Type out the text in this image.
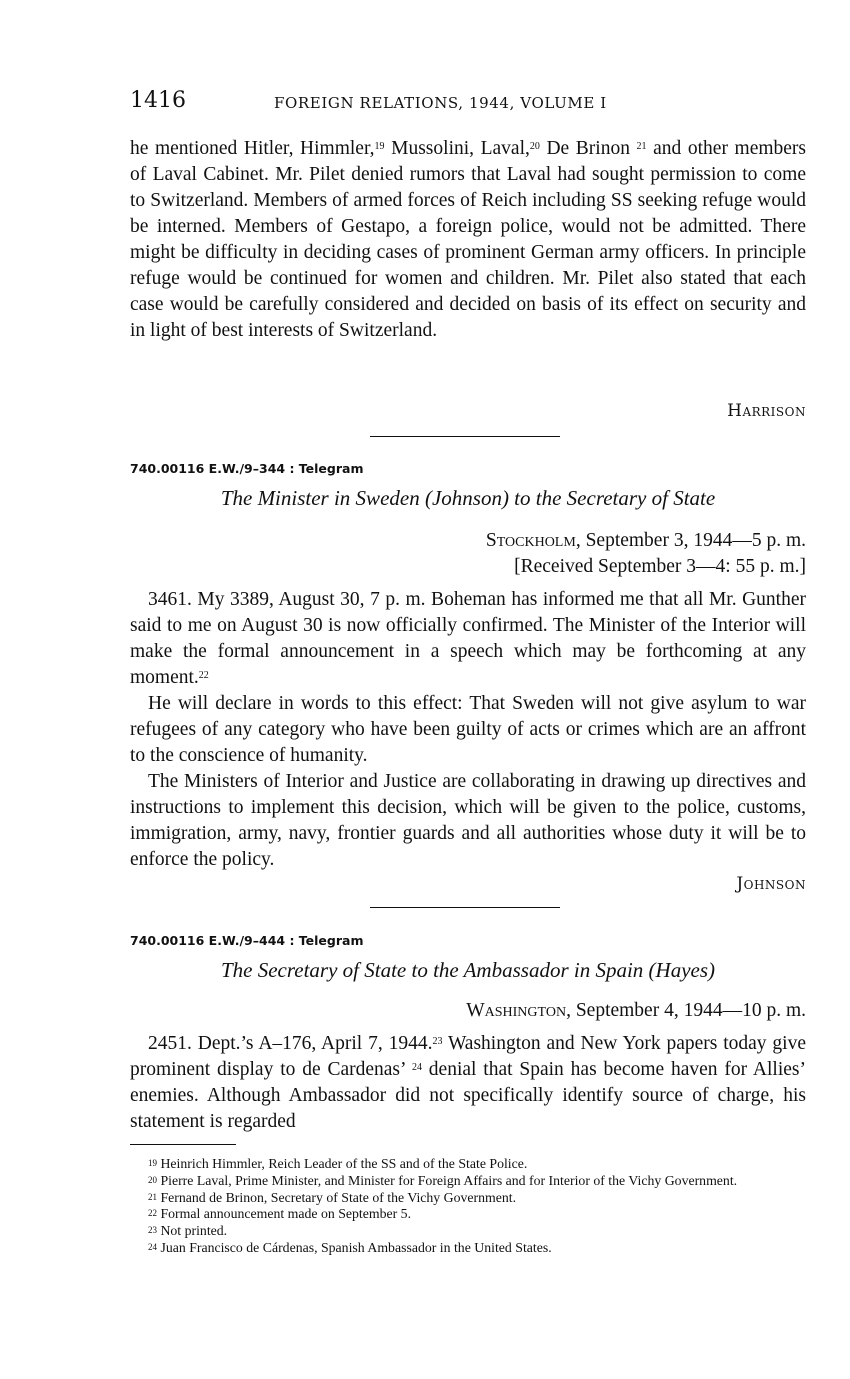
1416	FOREIGN RELATIONS, 1944, VOLUME I

he mentioned Hitler, Himmler,$^{19}$ Mussolini, Laval,$^{20}$ De Brinon $^{21}$ and other members of Laval Cabinet. Mr. Pilet denied rumors that Laval had sought permission to come to Switzerland. Members of armed forces of Reich including SS seeking refuge would be interned. Members of Gestapo, a foreign police, would not be admitted. There might be difficulty in deciding cases of prominent German army officers. In principle refuge would be continued for women and children. Mr. Pilet also stated that each case would be carefully considered and decided on basis of its effect on security and in light of best interests of Switzerland.

Harrison
740.00116 E.W./9–344 : Telegram
The Minister in Sweden (Johnson) to the Secretary of State
Stockholm, September 3, 1944—5 p. m.
[Received September 3—4: 55 p. m.]

3461. My 3389, August 30, 7 p. m. Boheman has informed me that all Mr. Gunther said to me on August 30 is now officially confirmed. The Minister of the Interior will make the formal announcement in a speech which may be forthcoming at any moment.$^{22}$

He will declare in words to this effect: That Sweden will not give asylum to war refugees of any category who have been guilty of acts or crimes which are an affront to the conscience of humanity.

The Ministers of Interior and Justice are collaborating in drawing up directives and instructions to implement this decision, which will be given to the police, customs, immigration, army, navy, frontier guards and all authorities whose duty it will be to enforce the policy.

Johnson
740.00116 E.W./9–444 : Telegram
The Secretary of State to the Ambassador in Spain (Hayes)
Washington, September 4, 1944—10 p. m.

2451. Dept.’s A–176, April 7, 1944.23 Washington and New York papers today give prominent display to de Cardenas’ $^{24}$ denial that Spain has become haven for Allies’ enemies. Although Ambassador did not specifically identify source of charge, his statement is regarded

$^{19}$ Heinrich Himmler, Reich Leader of the SS and of the State Police.

$^{20}$ Pierre Laval, Prime Minister, and Minister for Foreign Affairs and for Interior of the Vichy Government.

$^{21}$ Fernand de Brinon, Secretary of State of the Vichy Government.

$^{22}$ Formal announcement made on September 5.

$^{23}$ Not printed.

$^{24}$ Juan Francisco de Cárdenas, Spanish Ambassador in the United States.
